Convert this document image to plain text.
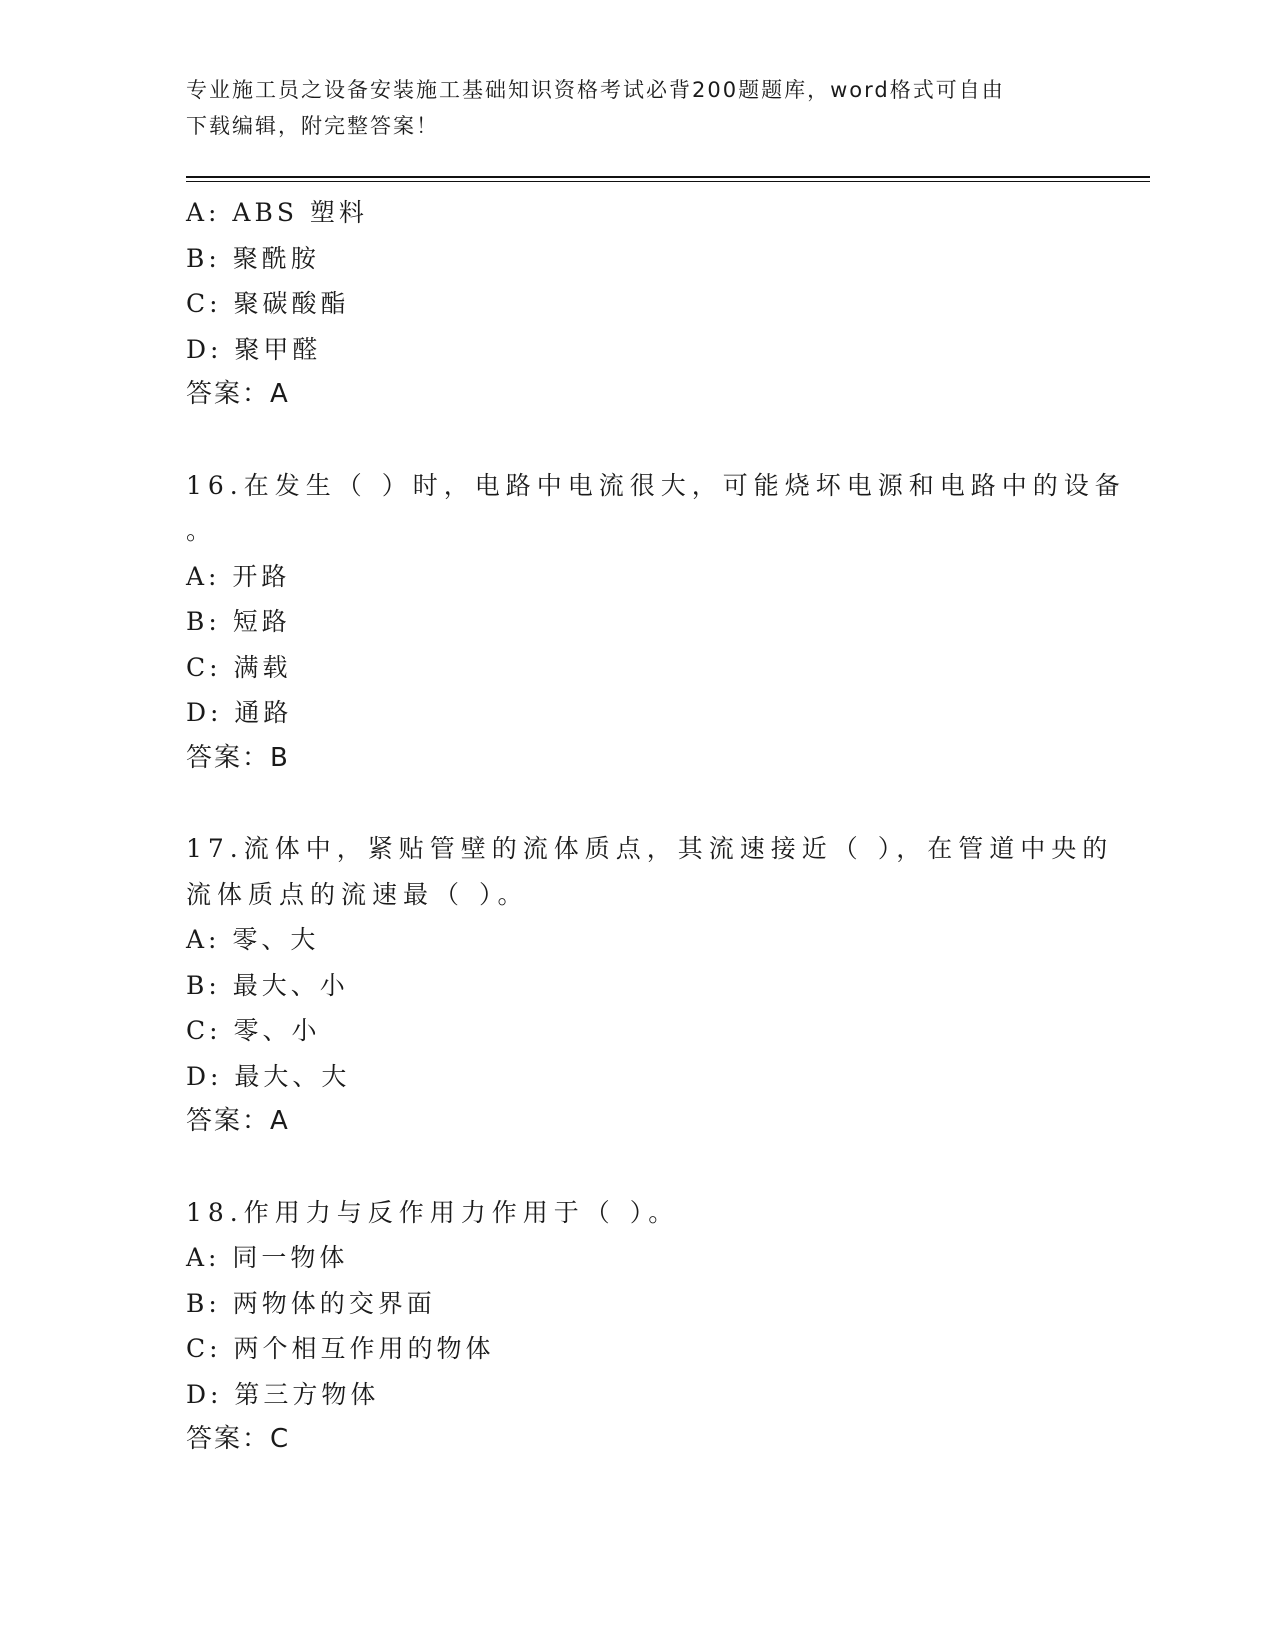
专业施工员之设备安装施工基础知识资格考试必背200题题库，word格式可自由
下载编辑，附完整答案！
A: ABS 塑料
B: 聚酰胺
C: 聚碳酸酯
D: 聚甲醛
答案：A
16.在发生（ ）时，电路中电流很大，可能烧坏电源和电路中的设备
。
A: 开路
B: 短路
C: 满载
D: 通路
答案：B
17.流体中，紧贴管壁的流体质点，其流速接近（ ），在管道中央的
流体质点的流速最（ ）。
A: 零、大
B: 最大、小
C: 零、小
D: 最大、大
答案：A
18.作用力与反作用力作用于（ ）。
A: 同一物体
B: 两物体的交界面
C: 两个相互作用的物体
D: 第三方物体
答案：C
